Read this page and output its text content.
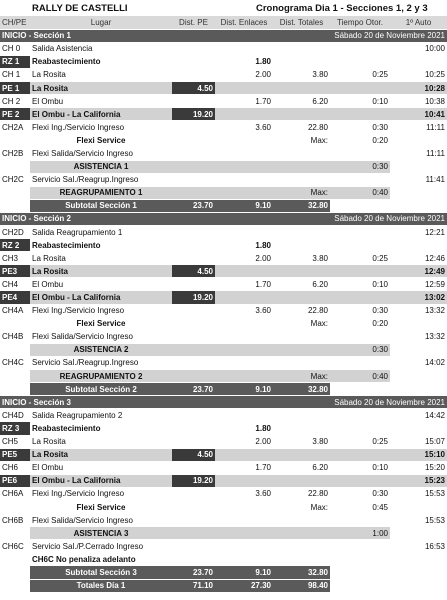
RALLY DE CASTELLI	Cronograma Dia 1 - Secciones 1, 2 y 3
CH/PE	Lugar	Dist. PE	Dist. Enlaces	Dist. Totales	Tiempo Otor.	1º Auto
INICIO - Sección 1				Sábado 20 de Noviembre 2021		
CH 0	Salida Asistencia					10:00
RZ 1	Reabastecimiento		1.80			
CH 1	La Rosita		2.00	3.80	0:25	10:25
PE 1	La Rosita	4.50				10:28
CH 2	El Ombu		1.70	6.20	0:10	10:38
PE 2	El Ombu - La California	19.20				10:41
CH2A	Flexi Ing./Servicio Ingreso		3.60	22.80	0:30	11:11
	Flexi Service			Max:	0:20	
CH2B	Flexi Salida/Servicio Ingreso					11:11
	ASISTENCIA 1				0:30	
CH2C	Servicio Sal./Reagrup.Ingreso					11:41
	REAGRUPAMIENTO 1			Max:	0:40	
	Subtotal Sección 1	23.70	9.10	32.80		
INICIO - Sección 2				Sábado 20 de Noviembre 2021		
CH2D	Salida Reagrupamiento 1					12:21
RZ 2	Reabastecimiento		1.80			
CH3	La Rosita		2.00	3.80	0:25	12:46
PE3	La Rosita	4.50				12:49
CH4	El Ombu		1.70	6.20	0:10	12:59
PE4	El Ombu - La California	19.20				13:02
CH4A	Flexi Ing./Servicio Ingreso		3.60	22.80	0:30	13:32
	Flexi Service			Max:	0:20	
CH4B	Flexi Salida/Servicio Ingreso					13:32
	ASISTENCIA 2				0:30	
CH4C	Servicio Sal./Reagrup.Ingreso					14:02
	REAGRUPAMIENTO 2			Max:	0:40	
	Subtotal Sección 2	23.70	9.10	32.80		
INICIO - Sección 3				Sábado 20 de Noviembre 2021		
CH4D	Salida Reagrupamiento 2					14:42
RZ 3	Reabastecimiento		1.80			
CH5	La Rosita		2.00	3.80	0:25	15:07
PE5	La Rosita	4.50				15:10
CH6	El Ombu		1.70	6.20	0:10	15:20
PE6	El Ombu - La California	19.20				15:23
CH6A	Flexi Ing./Servicio Ingreso		3.60	22.80	0:30	15:53
	Flexi Service			Max:	0:45	
CH6B	Flexi Salida/Servicio Ingreso					15:53
	ASISTENCIA 3				1:00	
CH6C	Servicio Sal./P.Cerrado Ingreso					16:53
	CH6C No penaliza adelanto					
	Subtotal Sección 3	23.70	9.10	32.80		
	Totales Día 1	71.10	27.30	98.40		
